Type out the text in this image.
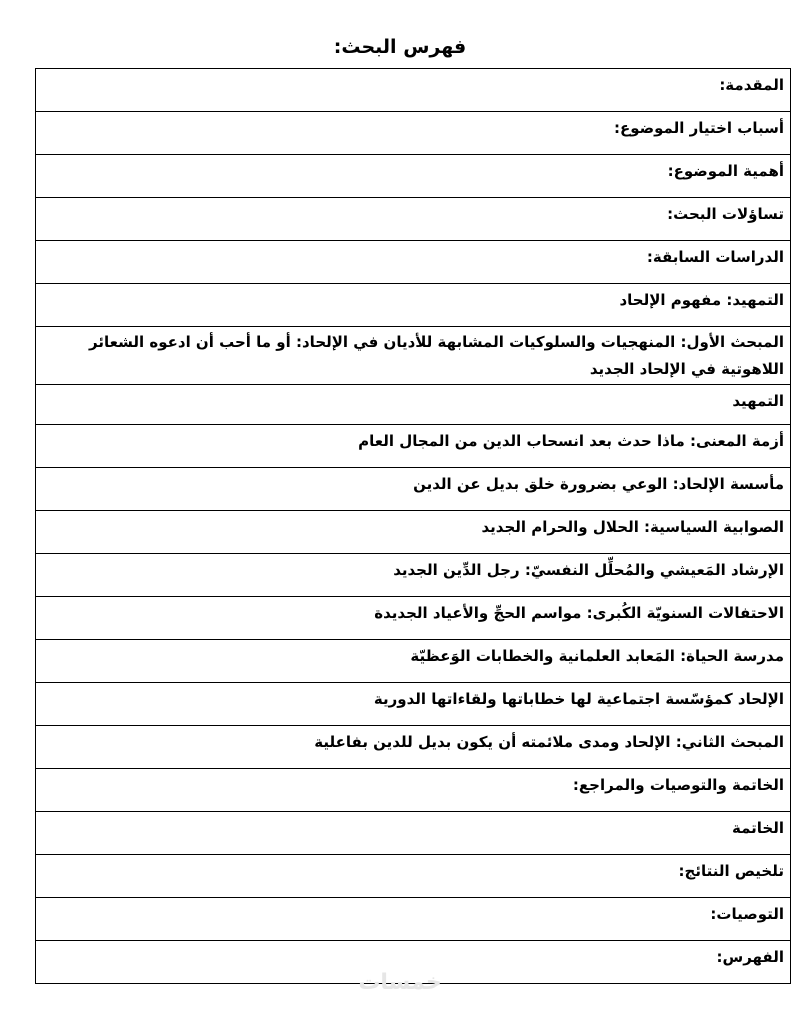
فهرس البحث:
المقدمة:
أسباب اختيار الموضوع:
أهمية الموضوع:
تساؤلات البحث:
الدراسات السابقة:
التمهيد: مفهوم الإلحاد
المبحث الأول: المنهجيات والسلوكيات المشابهة للأديان في الإلحاد: أو ما أحب أن ادعوه الشعائر اللاهوتية في الإلحاد الجديد
التمهيد
أزمة المعنى: ماذا حدث بعد انسحاب الدين من المجال العام
مأسسة الإلحاد: الوعي بضرورة خلق بديل عن الدين
الصوابية السياسية: الحلال والحرام الجديد
الإرشاد المَعيشي والمُحلِّل النفسيّ: رجل الدِّين الجديد
الاحتفالات السنويّة الكُبرى: مواسم الحجِّ والأعياد الجديدة
مدرسة الحياة: المَعابد العلمانية والخطابات الوَعظيّة
الإلحاد كمؤسّسة اجتماعية لها خطاباتها ولقاءاتها الدورية
المبحث الثاني: الإلحاد ومدى ملائمته أن يكون بديل للدين بفاعلية
الخاتمة والتوصيات والمراجع:
الخاتمة
تلخيص النتائج:
التوصيات:
الفهرس:
خمسات
